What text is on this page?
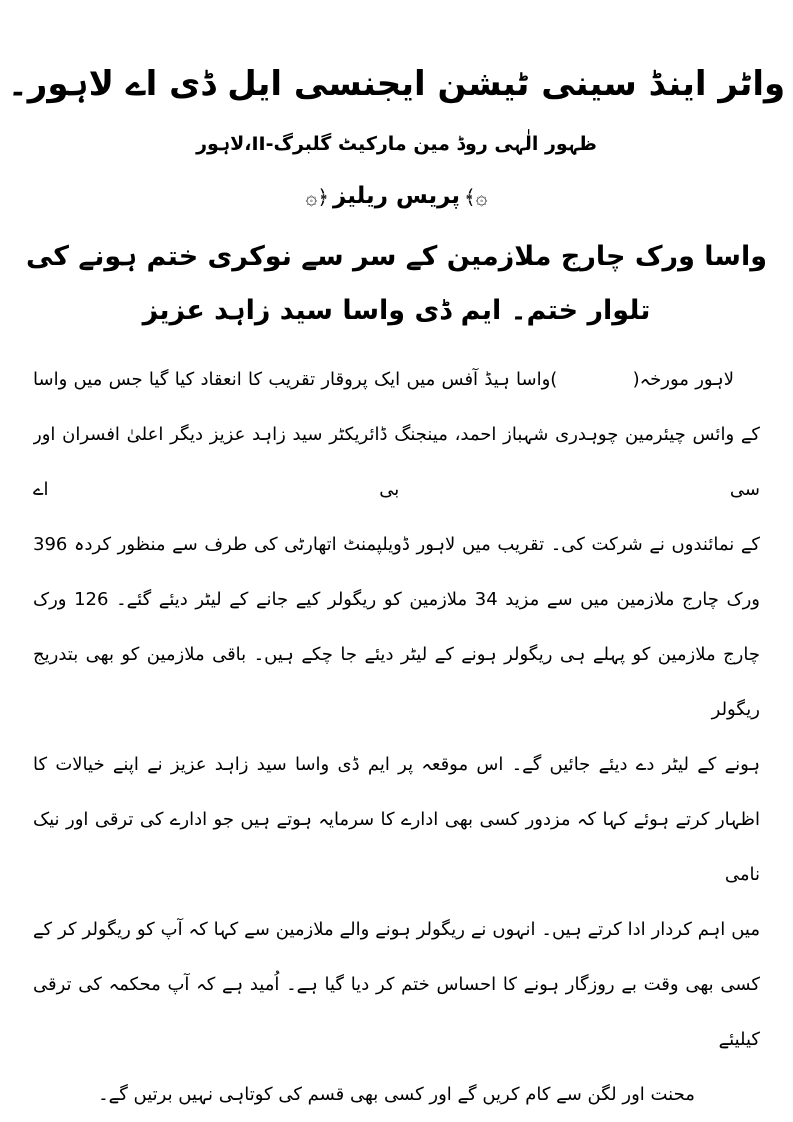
واٹر اینڈ سینی ٹیشن ایجنسی ایل ڈی اے لاہور۔
ظہور الٰہی روڈ مین مارکیٹ گلبرگ-II،لاہور
۞﴿ پریس ریلیز ﴾۞
واسا ورک چارج ملازمین کے سر سے نوکری ختم ہونے کی
تلوار ختم۔ ایم ڈی واسا سید زاہد عزیز
لاہور مورخہ(            )واسا ہیڈ آفس میں ایک پروقار تقریب کا انعقاد کیا گیا جس میں واسا
کے وائس چیئرمین چوہدری شہباز احمد، مینجنگ ڈائریکٹر سید زاہد عزیز دیگر اعلیٰ افسران اور سی بی اے
کے نمائندوں نے شرکت کی۔ تقریب میں لاہور ڈویلپمنٹ اتھارٹی کی طرف سے منظور کردہ 396
ورک چارج ملازمین میں سے مزید 34 ملازمین کو ریگولر کیے جانے کے لیٹر دیئے گئے۔ 126 ورک
چارج ملازمین کو پہلے ہی ریگولر ہونے کے لیٹر دیئے جا چکے ہیں۔ باقی ملازمین کو بھی بتدریج ریگولر
ہونے کے لیٹر دے دیئے جائیں گے۔ اس موقعہ پر ایم ڈی واسا سید زاہد عزیز نے اپنے خیالات کا
اظہار کرتے ہوئے کہا کہ مزدور کسی بھی ادارے کا سرمایہ ہوتے ہیں جو ادارے کی ترقی اور نیک نامی
میں اہم کردار ادا کرتے ہیں۔ انہوں نے ریگولر ہونے والے ملازمین سے کہا کہ آپ کو ریگولر کر کے
کسی بھی وقت بے روزگار ہونے کا احساس ختم کر دیا گیا ہے۔ اُمید ہے کہ آپ محکمہ کی ترقی کیلیئے
محنت اور لگن سے کام کریں گے اور کسی بھی قسم کی کوتاہی نہیں برتیں گے۔
